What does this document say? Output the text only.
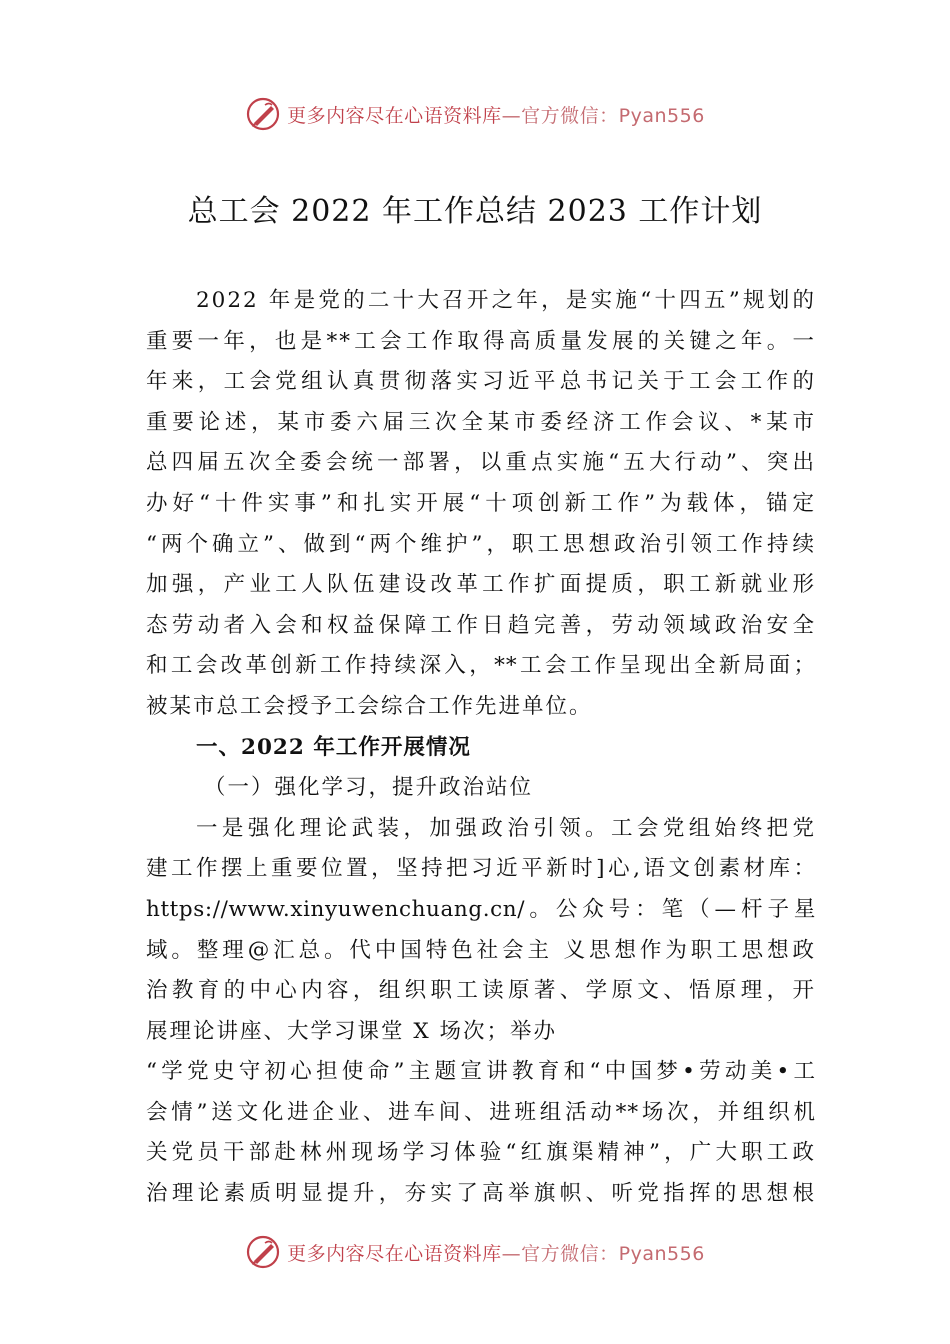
更多内容尽在心语资料库—官方微信：Pyan556
总工会 2022 年工作总结 2023 工作计划
2022 年是党的二十大召开之年，是实施“十四五”规划的
重要一年，也是**工会工作取得高质量发展的关键之年。一
年来，工会党组认真贯彻落实习近平总书记关于工会工作的
重要论述，某市委六届三次全某市委经济工作会议、*某市
总四届五次全委会统一部署，以重点实施“五大行动”、突出
办好“十件实事”和扎实开展“十项创新工作”为载体，锚定
“两个确立”、做到“两个维护”，职工思想政治引领工作持续
加强，产业工人队伍建设改革工作扩面提质，职工新就业形
态劳动者入会和权益保障工作日趋完善，劳动领域政治安全
和工会改革创新工作持续深入，**工会工作呈现出全新局面；
被某市总工会授予工会综合工作先进单位。
一、2022 年工作开展情况
（一）强化学习，提升政治站位
一是强化理论武装，加强政治引领。工会党组始终把党
建工作摆上重要位置，坚持把习近平新时]心,语文创素材库：
https://www.xinyuwenchuang.cn/。公众号：笔（—杆子星
域。整理@汇总。代中国特色社会主 义思想作为职工思想政
治教育的中心内容，组织职工读原著、学原文、悟原理，开
展理论讲座、大学习课堂 X 场次；举办
“学党史守初心担使命”主题宣讲教育和“中国梦•劳动美•工
会情”送文化进企业、进车间、进班组活动**场次，并组织机
关党员干部赴林州现场学习体验“红旗渠精神”，广大职工政
治理论素质明显提升，夯实了高举旗帜、听党指挥的思想根
更多内容尽在心语资料库—官方微信：Pyan556
